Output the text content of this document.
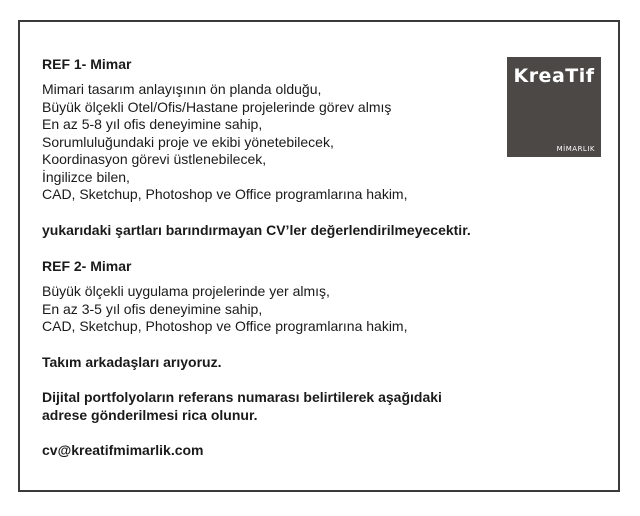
KreaTif
MİMARLIK

REF 1- Mimar

Mimari tasarım anlayışının ön planda olduğu,
Büyük ölçekli Otel/Ofis/Hastane projelerinde görev almış
En az 5-8 yıl ofis deneyimine sahip,
Sorumluluğundaki proje ve ekibi yönetebilecek,
Koordinasyon görevi üstlenebilecek,
İngilizce bilen,
CAD, Sketchup, Photoshop ve Office programlarına hakim,
yukarıdaki şartları barındırmayan CV’ler değerlendirilmeyecektir.

REF 2- Mimar

Büyük ölçekli uygulama projelerinde yer almış,
En az 3-5 yıl ofis deneyimine sahip,
CAD, Sketchup, Photoshop ve Office programlarına hakim,
Takım arkadaşları arıyoruz.
Dijital portfolyoların referans numarası belirtilerek aşağıdaki
adrese gönderilmesi rica olunur.
cv@kreatifmimarlik.com
